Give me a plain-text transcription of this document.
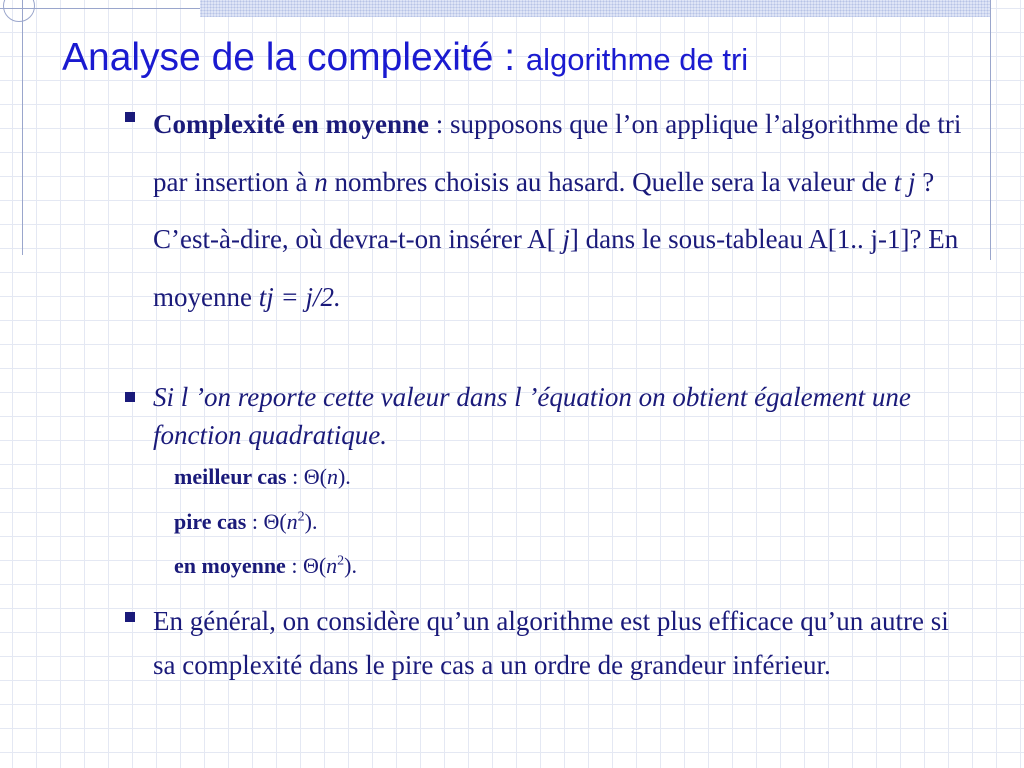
Analyse de la complexité : algorithme de tri

Complexité en moyenne : supposons que l’on applique l’algorithme de tri par insertion à n nombres choisis au hasard. Quelle sera la valeur de t j ? C’est-à-dire, où devra-t-on insérer A[ j] dans le sous-tableau A[1.. j-1]? En moyenne tj = j/2.

Si l ’on reporte cette valeur dans l ’équation on obtient également une fonction quadratique.

meilleur cas : Θ(n).

pire cas : $\Theta(n^2)$.

en moyenne : $\Theta(n^2)$.

En général, on considère qu’un algorithme est plus efficace qu’un autre si sa complexité dans le pire cas a un ordre de grandeur inférieur.
